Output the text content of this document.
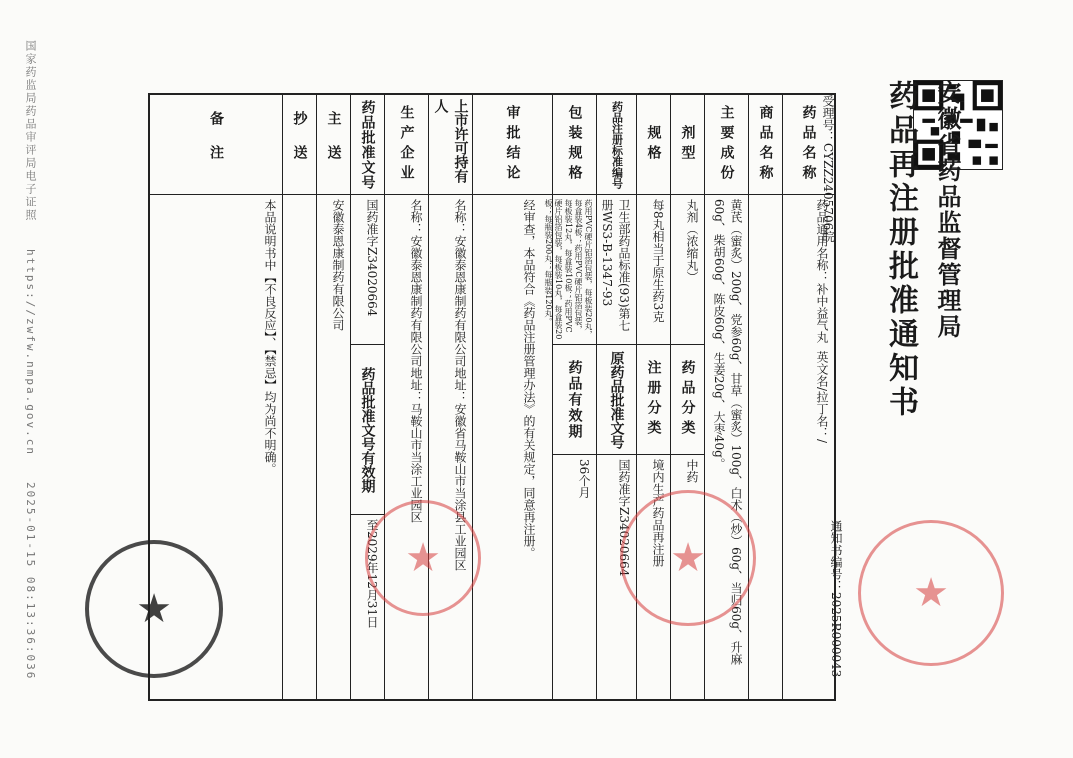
国家药监局药品审评局电子证照 https://zwfw.nmpa.gov.cn 2025-01-15 08:13:36:036
安徽省药品监督管理局
药品再注册批准通知书
通知书编号：2025R000043
受理号：CYZZ2405706皖
药品名称
药品通用名称：补中益气丸

英文名/拉丁名：/
商品名称
主要成份
黄芪（蜜炙）200g、党参60g、甘草（蜜炙）100g、白术（炒）60g、当归60g、升麻60g、柴胡60g、陈皮60g、生姜20g、大枣40g。
剂型
丸剂（浓缩丸）
药品分类
中药
规格
每8丸相当于原生药3克
注册分类
境内生产药品再注册
药品注册标准编号
卫生部药品标准(93)第七册WS3-B-1347-93
原药品批准文号
国药准字Z34020664
包装规格
药用PVC硬片铝箔包装，每板装20丸，每盒装4板；药用PVC硬片铝箔包装，每板装12丸，每盒装10板；药用PVC硬片铝箔包装，每板装10丸，每盒装20板；每瓶装200丸；每瓶装120丸。
药品有效期
36个月
审批结论
经审查，本品符合《药品注册管理办法》的有关规定，同意再注册。
上市许可持有人
名称：安徽泰恩康制药有限公司

地址：安徽省马鞍山市当涂县工业园区
生产企业
名称：安徽泰恩康制药有限公司

地址：马鞍山市当涂工业园区
药品批准文号
国药准字Z34020664
药品批准文号有效期
至2029年12月31日
主送
安徽泰恩康制药有限公司
抄送
备注
本品说明书中【不良反应】、【禁忌】均为尚不明确。
★
★
★
★
